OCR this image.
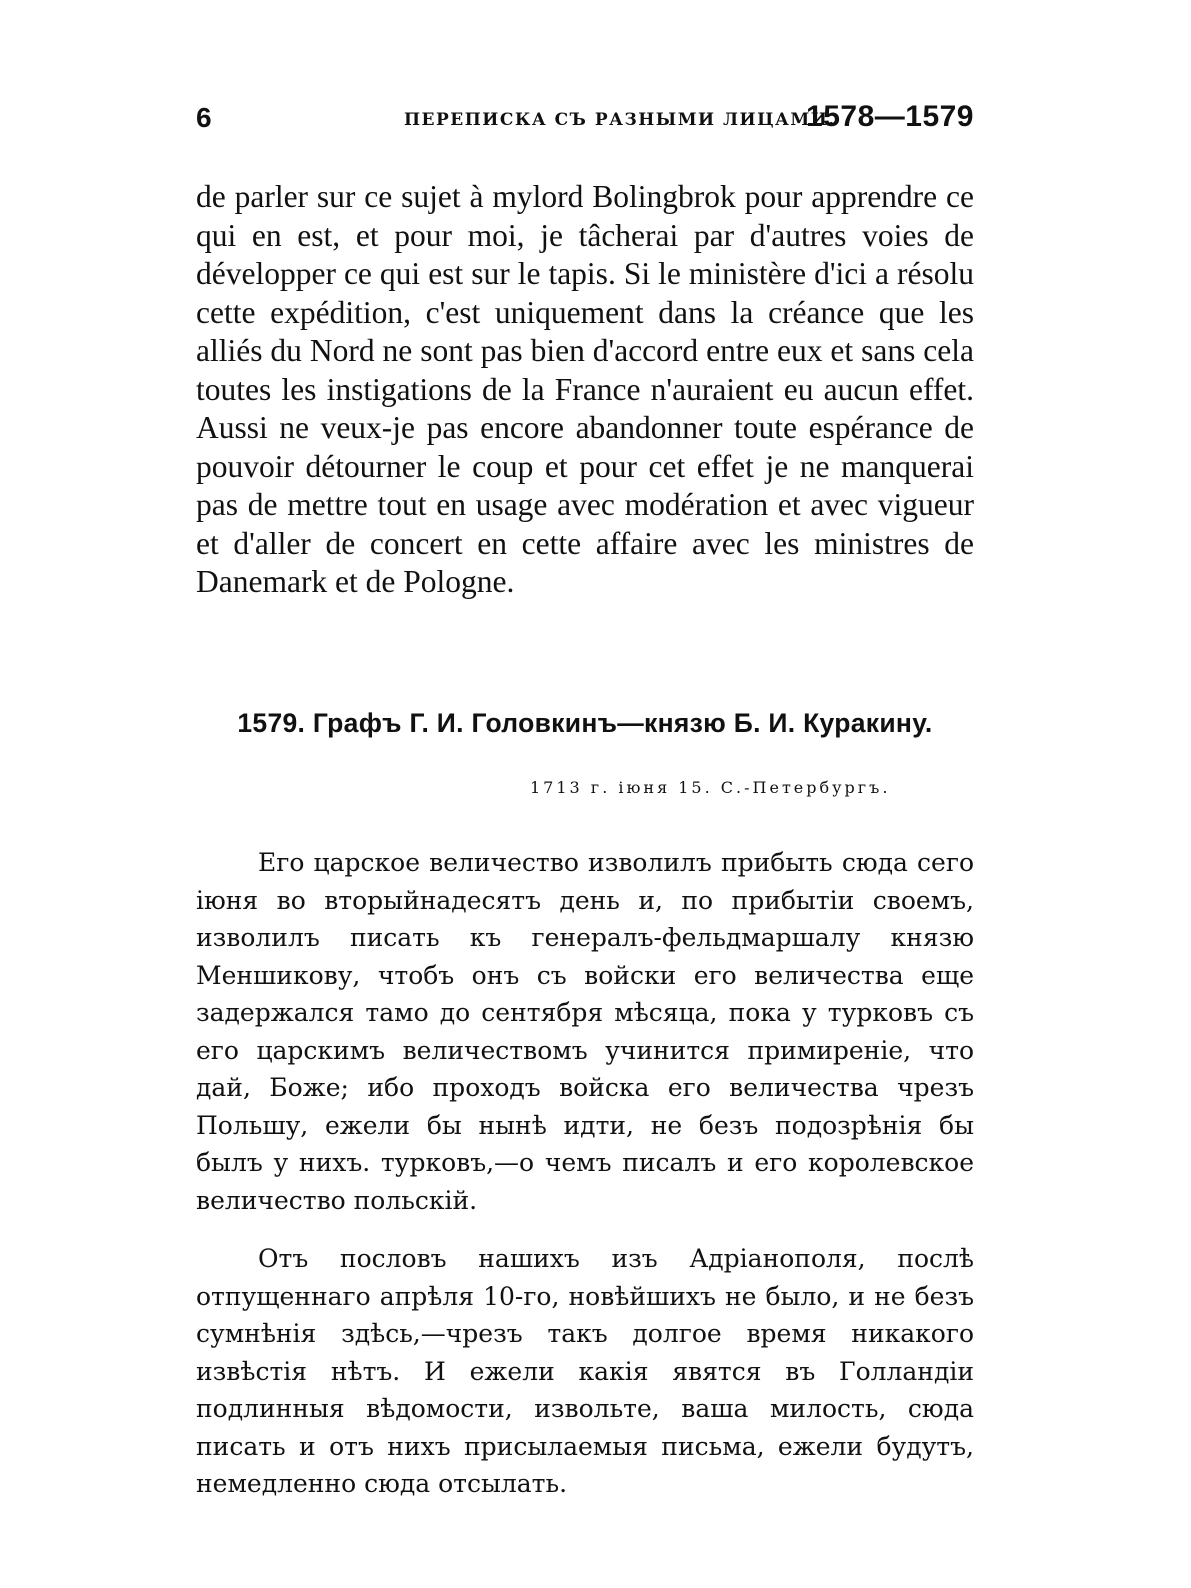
6	ПЕРЕПИСКА СЪ РАЗНЫМИ ЛИЦАМИ.
1578—1579

de parler sur ce sujet à mylord Bolingbrok pour apprendre ce qui en est, et pour moi, je tâcherai par d'autres voies de développer ce qui est sur le tapis. Si le ministère d'ici a résolu cette expédition, c'est uniquement dans la créance que les alliés du Nord ne sont pas bien d'accord entre eux et sans cela toutes les instigations de la France n'auraient eu aucun effet. Aussi ne veux-je pas encore abandonner toute espérance de pouvoir détourner le coup et pour cet effet je ne manquerai pas de mettre tout en usage avec modération et avec vigueur et d'aller de concert en cette affaire avec les ministres de Danemark et de Pologne.

1579. Графъ Г. И. Головкинъ—князю Б. И. Куракину.

1713 г. іюня 15. С.-Петербургъ.

Его царское величество изволилъ прибыть сюда сего іюня во вторыйнадесятъ день и, по прибытіи своемъ, изволилъ писать къ генералъ-фельдмаршалу князю Меншикову, чтобъ онъ съ войски его величества еще задержался тамо до сентября мѣсяца, пока у турковъ съ его царскимъ величествомъ учинится примиреніе, что дай, Боже; ибо проходъ войска его величества чрезъ Польшу, ежели бы нынѣ идти, не безъ подозрѣнія бы былъ у нихъ. турковъ,—о чемъ писалъ и его королевское величество польскій.

Отъ пословъ нашихъ изъ Адріанополя, послѣ отпущеннаго апрѣля 10-го, новѣйшихъ не было, и не безъ сумнѣнія здѣсь,—чрезъ такъ долгое время никакого извѣстія нѣтъ. И ежели какія явятся въ Голландіи подлинныя вѣдомости, извольте, ваша милость, сюда писать и отъ нихъ присылаемыя письма, ежели будутъ, немедленно сюда отсылать.
